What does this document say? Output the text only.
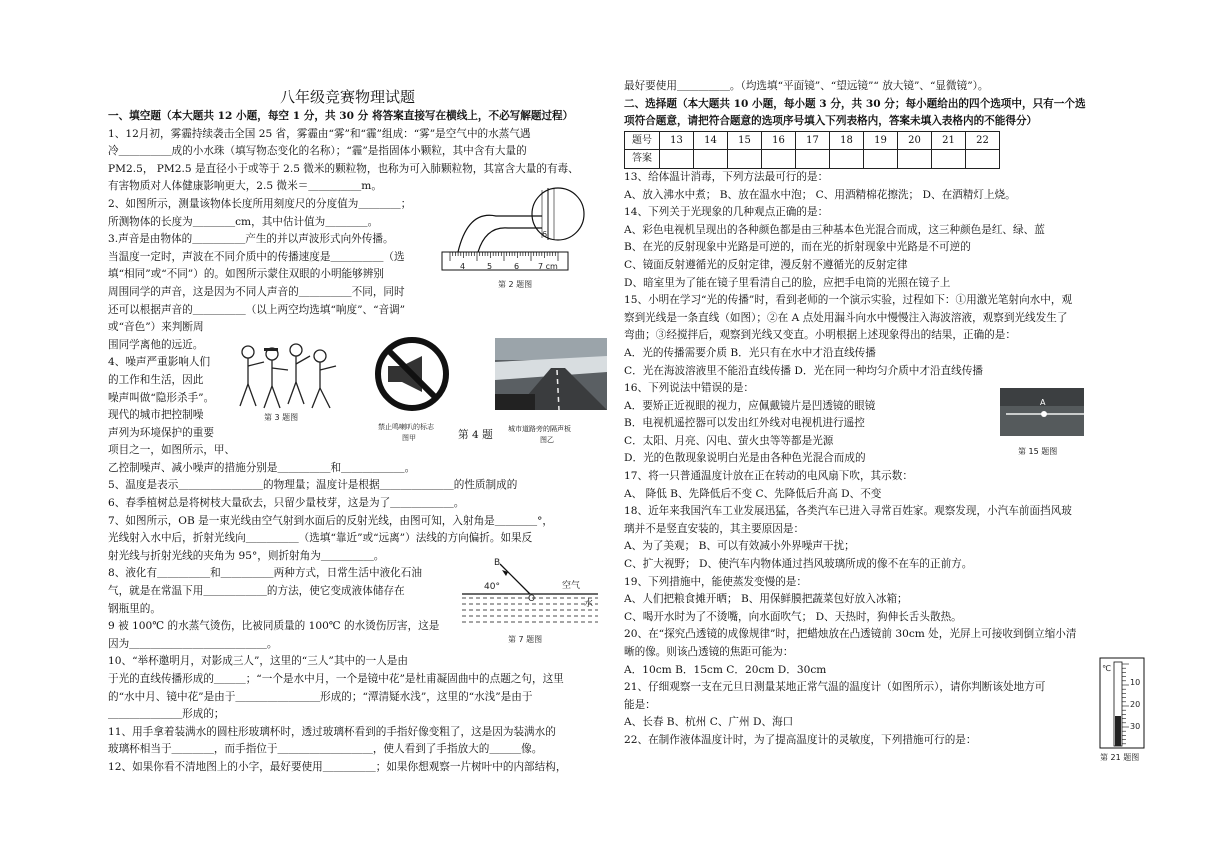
八年级竞赛物理试题

一、填空题（本大题共 12 小题，每空 1 分，共 30 分 将答案直接写在横线上，不必写解题过程）

1、12月初，雾霾持续袭击全国 25 省，雾霾由“雾”和“霾”组成：“雾”是空气中的水蒸气遇

冷＿＿＿＿＿成的小水珠（填写物态变化的名称）；“霾”是指固体小颗粒，其中含有大量的

PM2.5， PM2.5 是直径小于或等于 2.5 微米的颗粒物，也称为可入肺颗粒物，其富含大量的有毒、

有害物质对人体健康影响更大，2.5 微米＝＿＿＿＿＿m。

2、如图所示，测量该物体长度所用刻度尺的分度值为＿＿＿＿；

所测物体的长度为＿＿＿＿cm，其中估计值为＿＿＿＿。

3.声音是由物体的＿＿＿＿＿产生的并以声波形式向外传播。

当温度一定时，声波在不同介质中的传播速度是＿＿＿＿＿（选

填“相同”或“不同”）的。如图所示蒙住双眼的小明能够辨别

周围同学的声音，这是因为不同人声音的＿＿＿＿＿不同，同时

还可以根据声音的＿＿＿＿＿（以上两空均选填“响度”、“音调”

或“音色”）来判断周

围同学离他的远近。

4、噪声严重影响人们

的工作和生活，因此

噪声叫做“隐形杀手”。

现代的城市把控制噪

声列为环境保护的重要

项目之一，如图所示，甲、

乙控制噪声、减小噪声的措施分别是＿＿＿＿＿和＿＿＿＿＿＿。

5、温度是表示＿＿＿＿＿＿＿＿的物理量；温度计是根据＿＿＿＿＿＿＿的性质制成的

6、春季植树总是将树枝大量砍去，只留少量枝芽，这是为了＿＿＿＿＿＿。

7、如图所示，OB 是一束光线由空气射到水面后的反射光线，由图可知，入射角是＿＿＿＿°，

光线射入水中后，折射光线向＿＿＿＿＿（选填“靠近”或“远离”）法线的方向偏折。如果反

射光线与折射光线的夹角为 95°，则折射角为＿＿＿＿＿。

8、液化有＿＿＿＿＿和＿＿＿＿＿两种方式，日常生活中液化石油

气，就是在常温下用＿＿＿＿＿＿的方法，使它变成液体储存在

钢瓶里的。

9 被 100℃ 的水蒸气烫伤，比被同质量的 100℃ 的水烫伤厉害，这是

因为＿＿＿＿＿＿＿＿＿＿＿＿＿。

10、“举杯邀明月，对影成三人”，这里的“三人”其中的一人是由

于光的直线传播形成的＿＿＿；“一个是水中月，一个是镜中花”是杜甫凝固曲中的点题之句，这里

的“水中月、镜中花”是由于＿＿＿＿＿＿＿＿形成的；“潭清疑水浅”，这里的“水浅”是由于

＿＿＿＿＿＿＿形成的；

11、用手拿着装满水的圆柱形玻璃杯时，透过玻璃杯看到的手指好像变粗了，这是因为装满水的

玻璃杯相当于＿＿＿＿，而手指位于＿＿＿＿＿＿＿＿＿，使人看到了手指放大的＿＿＿像。

12、如果你看不清地图上的小字，最好要使用＿＿＿＿＿；如果你想观察一片树叶中的内部结构，

最好要使用＿＿＿＿＿。（均选填“平面镜”、“望远镜”“ 放大镜”、“显微镜”）。

二、选择题（本大题共 10 小题，每小题 3 分，共 30 分；每小题给出的四个选项中，只有一个选

项符合题意，请把符合题意的选项序号填入下列表格内，答案未填入表格内的不能得分）

题号	13	14	15	16	17	18	19	20	21	22
答案										

13、给体温计消毒，下列方法最可行的是：

A、放入沸水中煮； B、放在温水中泡； C、用酒精棉花擦洗； D、在酒精灯上烧。

14、下列关于光现象的几种观点正确的是：

A、彩色电视机呈现出的各种颜色都是由三种基本色光混合而成，这三种颜色是红、绿、蓝

B、在光的反射现象中光路是可逆的，而在光的折射现象中光路是不可逆的

C、镜面反射遵循光的反射定律，漫反射不遵循光的反射定律

D、暗室里为了能在镜子里看清自己的脸，应把手电筒的光照在镜子上

15、小明在学习“光的传播”时，看到老师的一个演示实验，过程如下：①用激光笔射向水中，观

察到光线是一条直线（如图）；②在 A 点处用漏斗向水中慢慢注入海波溶液，观察到光线发生了

弯曲；③经搅拌后，观察到光线又变直。小明根据上述现象得出的结果，正确的是：

A．光的传播需要介质 B．光只有在水中才沿直线传播

C．光在海波溶液里不能沿直线传播 D．光在同一种均匀介质中才沿直线传播

16、下列说法中错误的是：

A．要矫正近视眼的视力，应佩戴镜片是凹透镜的眼镜

B．电视机遥控器可以发出红外线对电视机进行遥控

C．太阳、月亮、闪电、萤火虫等等都是光源

D．光的色散现象说明白光是由各种色光混合而成的

17、将一只普通温度计放在正在转动的电风扇下吹，其示数：

A、 降低 B、先降低后不变 C、先降低后升高 D、不变

18、近年来我国汽车工业发展迅猛，各类汽车已进入寻常百姓家。观察发现，小汽车前面挡风玻

璃并不是竖直安装的，其主要原因是：

A、为了美观； B、可以有效减小外界噪声干扰；

C、扩大视野； D、使汽车内物体通过挡风玻璃所成的像不在车的正前方。

19、下列措施中，能使蒸发变慢的是：

A、人们把粮食摊开晒； B、用保鲜膜把蔬菜包好放入冰箱；

C、喝开水时为了不烫嘴，向水面吹气； D、天热时，狗伸长舌头散热。

20、在“探究凸透镜的成像规律”时，把蜡烛放在凸透镜前 30cm 处，光屏上可接收到倒立缩小清

晰的像。则该凸透镜的焦距可能为：

A．10cm B．15cm C．20cm D．30cm

21、仔细观察一支在元旦日测量某地正常气温的温度计（如图所示），请你判断该处地方可

能是：

A、长春 B、杭州 C、广州 D、海口

22、在制作液体温度计时，为了提高温度计的灵敏度，下列措施可行的是：

6
4	5	6 7 cm
第 2 题图
第 3 题图
禁止鸣喇叭的标志
图甲	第 4 题 城市道路旁的隔声板
图乙
B
40°
O
空气
水
第 7 题图
A
第 15 题图
℃
10
20
30
第 21 题图
